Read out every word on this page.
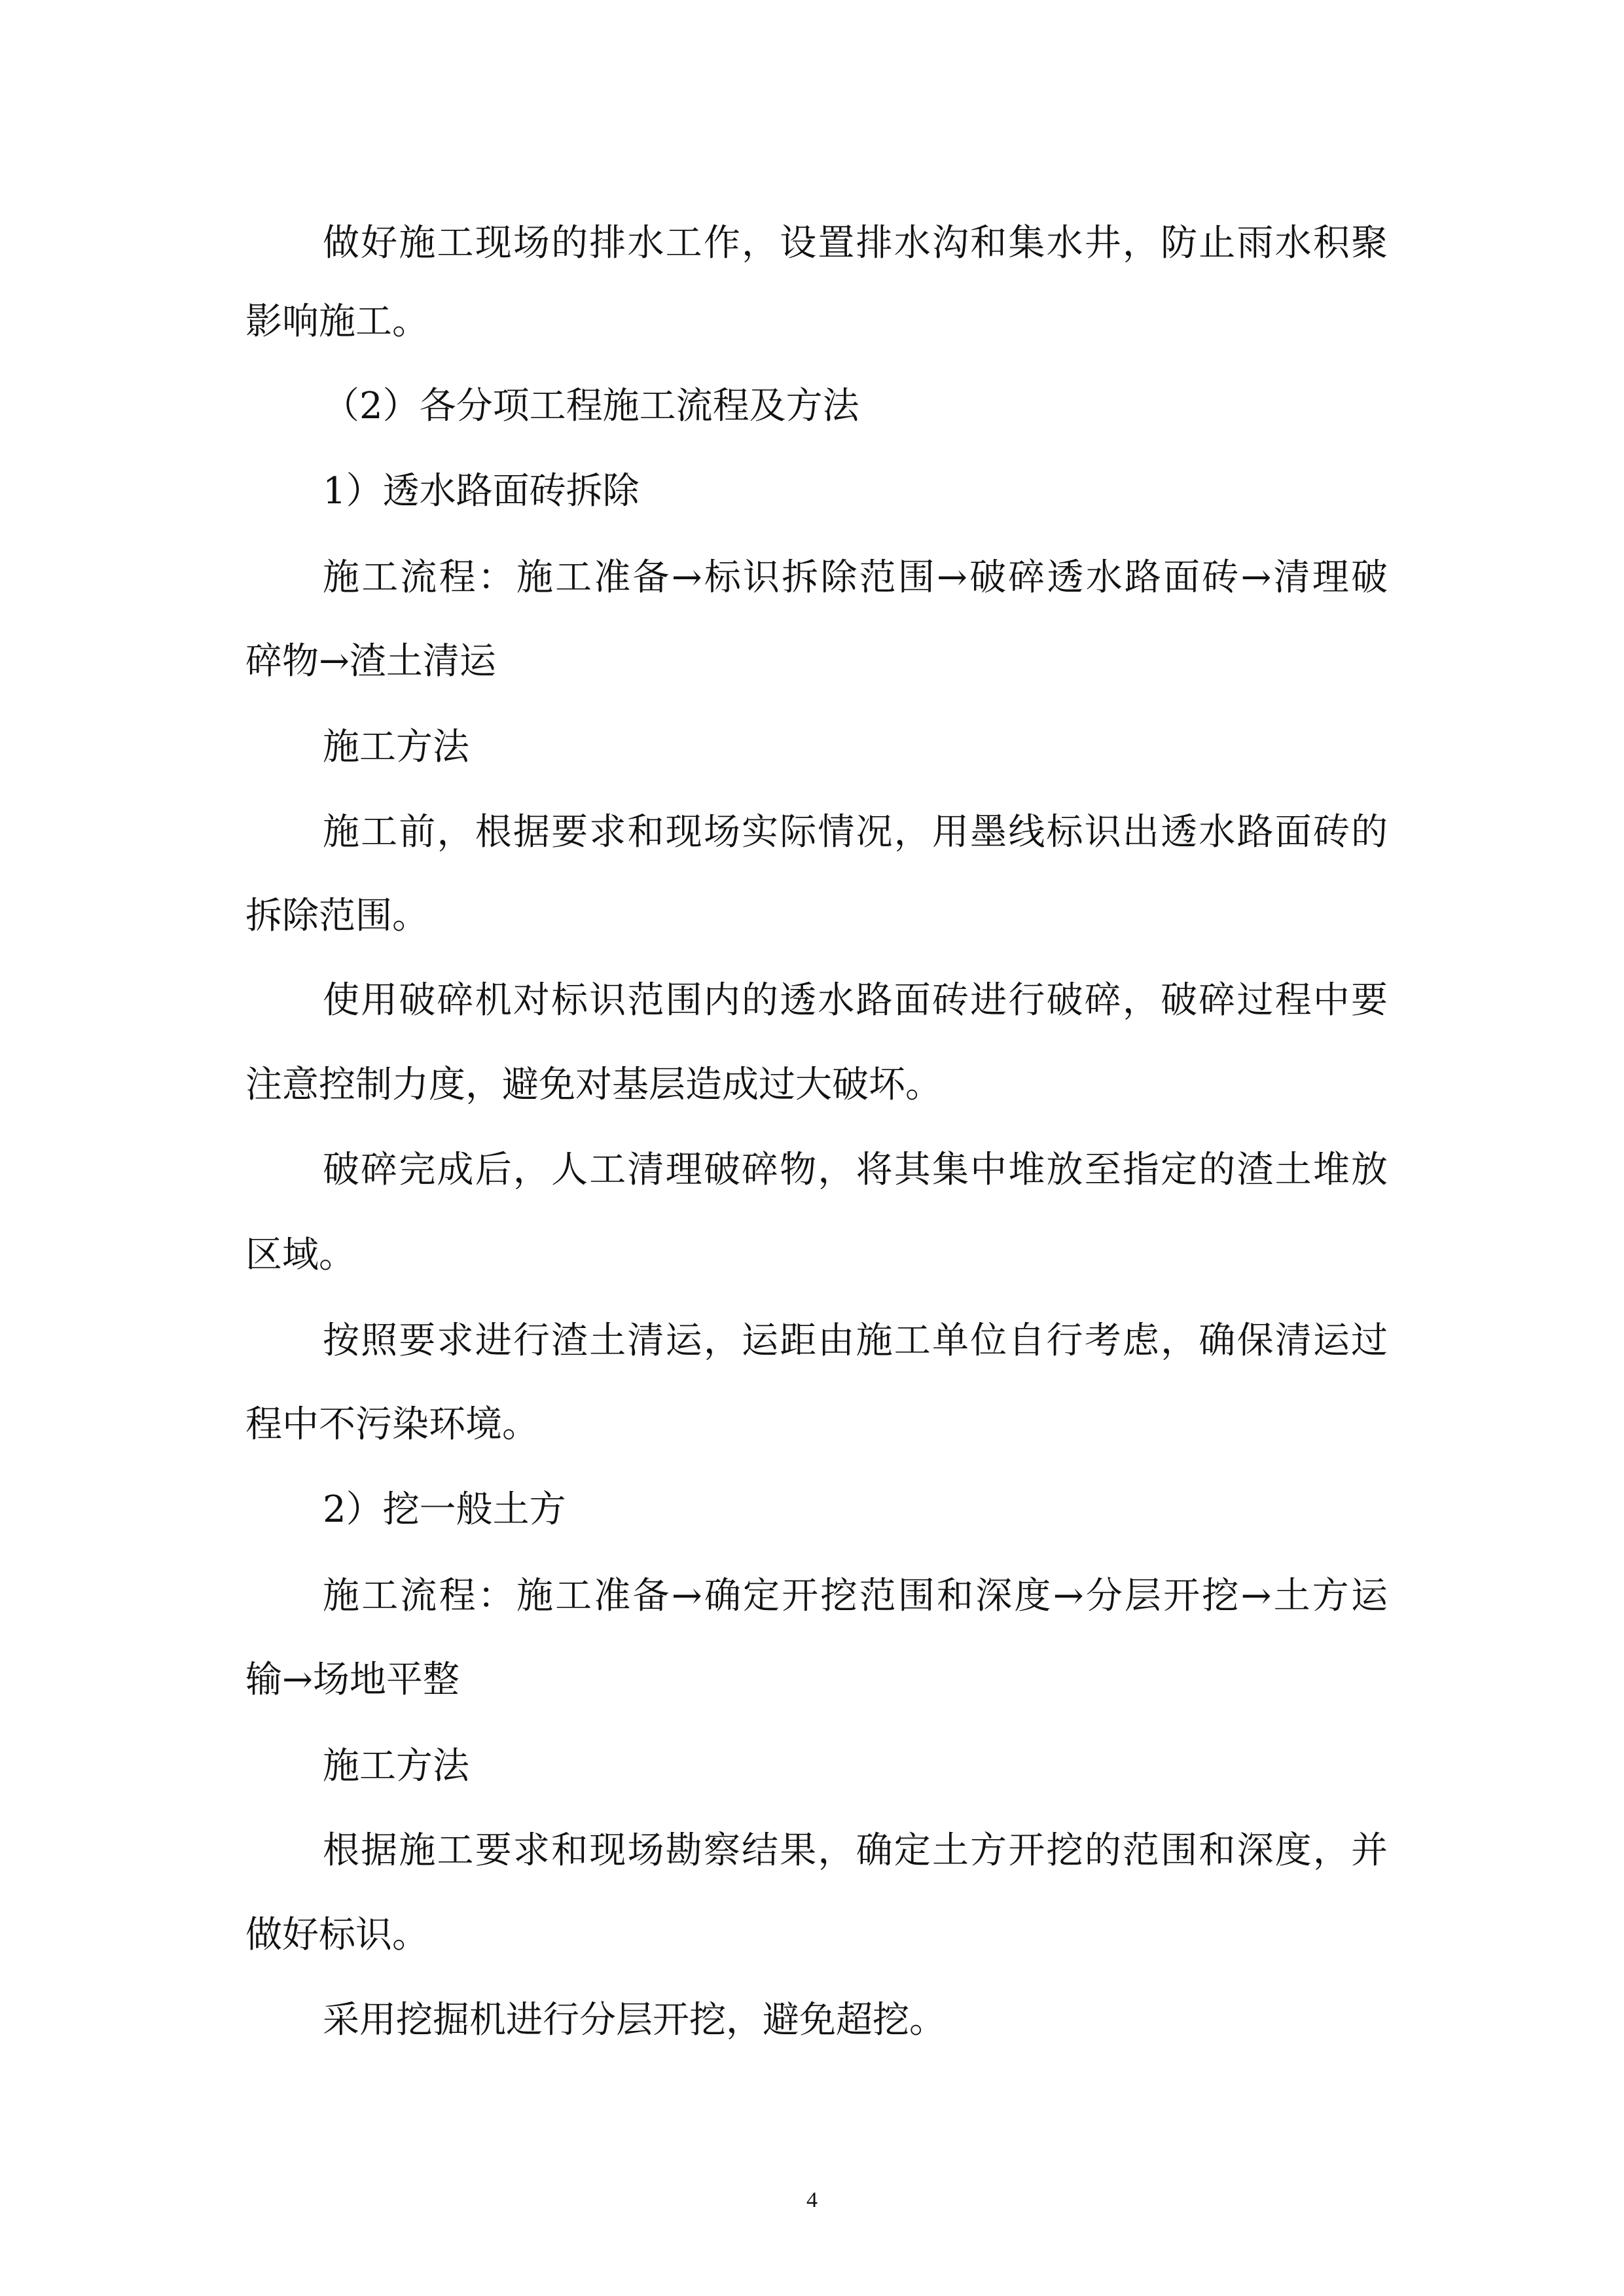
做好施工现场的排水工作，设置排水沟和集水井，防止雨水积聚
影响施工。
（2）各分项工程施工流程及方法
1）透水路面砖拆除
施工流程：施工准备→标识拆除范围→破碎透水路面砖→清理破
碎物→渣土清运
施工方法
施工前，根据要求和现场实际情况，用墨线标识出透水路面砖的
拆除范围。
使用破碎机对标识范围内的透水路面砖进行破碎，破碎过程中要
注意控制力度，避免对基层造成过大破坏。
破碎完成后，人工清理破碎物，将其集中堆放至指定的渣土堆放
区域。
按照要求进行渣土清运，运距由施工单位自行考虑，确保清运过
程中不污染环境。
2）挖一般土方
施工流程：施工准备→确定开挖范围和深度→分层开挖→土方运
输→场地平整
施工方法
根据施工要求和现场勘察结果，确定土方开挖的范围和深度，并
做好标识。
采用挖掘机进行分层开挖，避免超挖。
4
